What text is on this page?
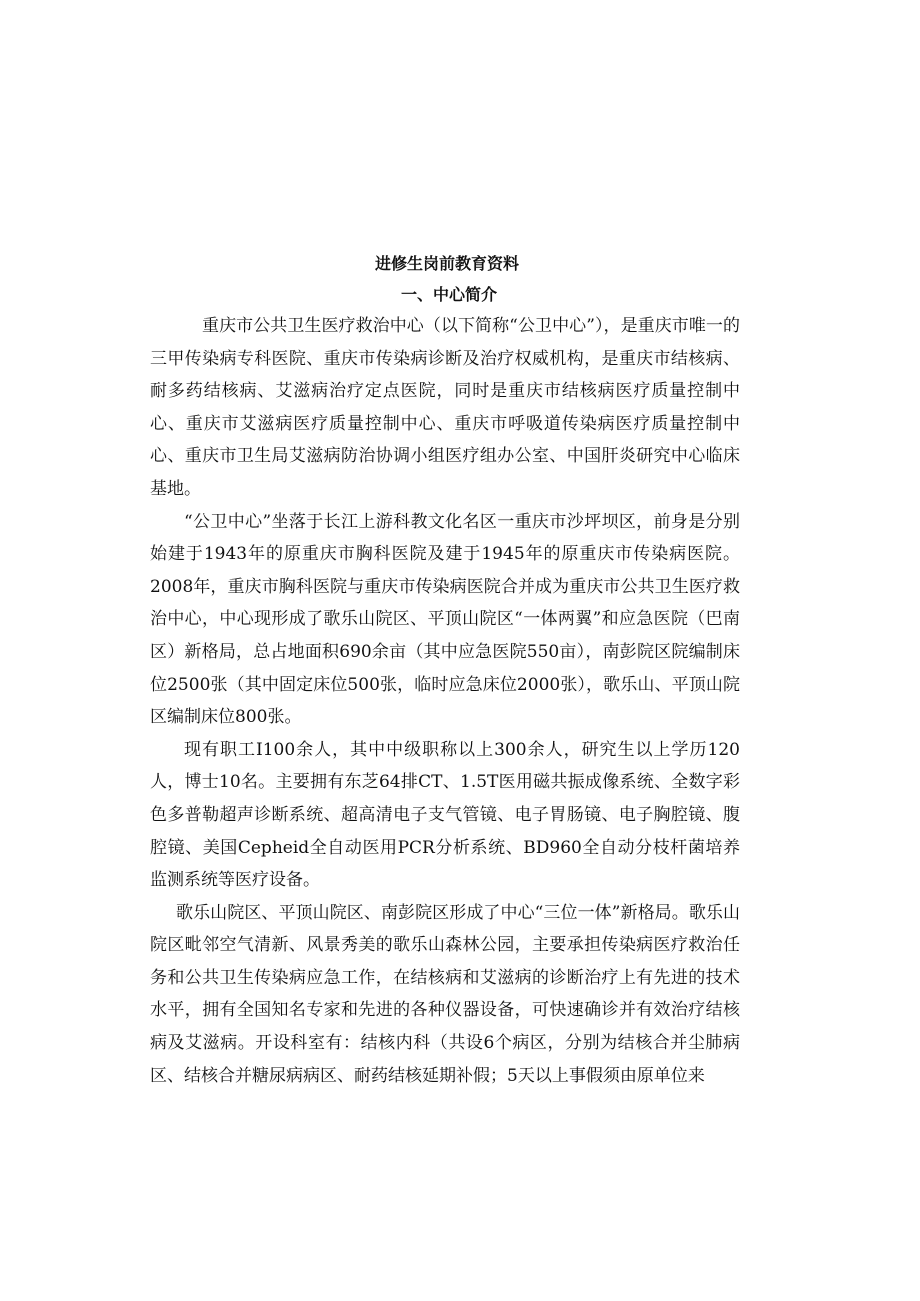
进修生岗前教育资料
一、中心简介

重庆市公共卫生医疗救治中心（以下简称“公卫中心”），是重庆市唯一的三甲传染病专科医院、重庆市传染病诊断及治疗权威机构，是重庆市结核病、耐多药结核病、艾滋病治疗定点医院，同时是重庆市结核病医疗质量控制中心、重庆市艾滋病医疗质量控制中心、重庆市呼吸道传染病医疗质量控制中心、重庆市卫生局艾滋病防治协调小组医疗组办公室、中国肝炎研究中心临床基地。

“公卫中心”坐落于长江上游科教文化名区一重庆市沙坪坝区，前身是分别始建于1943年的原重庆市胸科医院及建于1945年的原重庆市传染病医院。2008年，重庆市胸科医院与重庆市传染病医院合并成为重庆市公共卫生医疗救治中心，中心现形成了歌乐山院区、平顶山院区“一体两翼”和应急医院（巴南区）新格局，总占地面积690余亩（其中应急医院550亩），南彭院区院编制床位2500张（其中固定床位500张，临时应急床位2000张），歌乐山、平顶山院区编制床位800张。

现有职工I100余人，其中中级职称以上300余人，研究生以上学历120人，博士10名。主要拥有东芝64排CT、1.5T医用磁共振成像系统、全数字彩色多普勒超声诊断系统、超高清电子支气管镜、电子胃肠镜、电子胸腔镜、腹腔镜、美国Cepheid全自动医用PCR分析系统、BD960全自动分枝杆菌培养监测系统等医疗设备。

歌乐山院区、平顶山院区、南彭院区形成了中心“三位一体”新格局。歌乐山院区毗邻空气清新、风景秀美的歌乐山森林公园，主要承担传染病医疗救治任务和公共卫生传染病应急工作，在结核病和艾滋病的诊断治疗上有先进的技术水平，拥有全国知名专家和先进的各种仪器设备，可快速确诊并有效治疗结核病及艾滋病。开设科室有：结核内科（共设6个病区，分别为结核合并尘肺病区、结核合并糖尿病病区、耐药结核延期补假；5天以上事假须由原单位来
